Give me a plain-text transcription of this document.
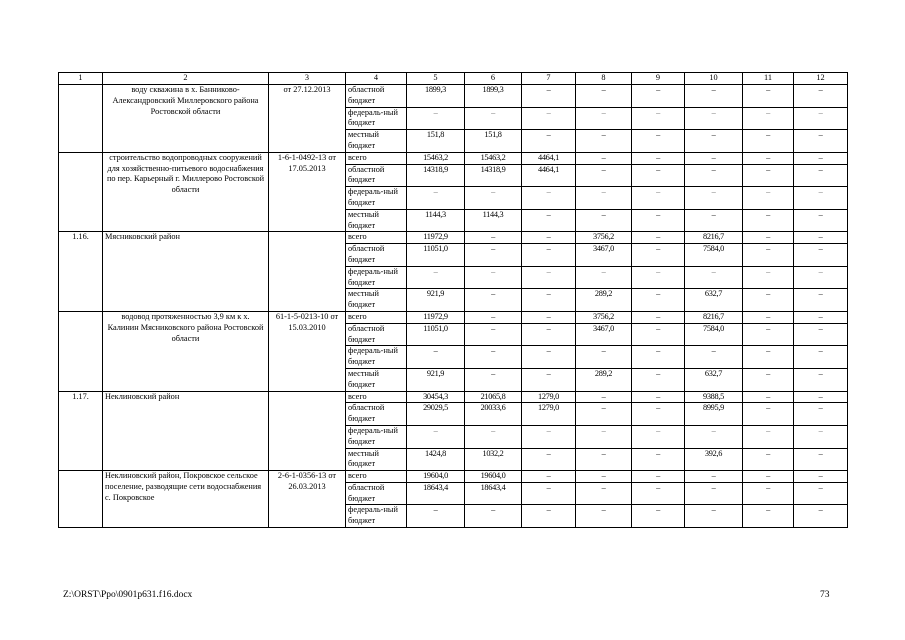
1	2	3	4	5	6	7	8	9	10	11	12
	воду скважина в х. Банниково-Александровский Миллеровского района Ростовской области	от 27.12.2013	областной бюджет	1899,3	1899,3	–	–	–	–	–	–
			федераль-ный бюджет	–	–	–	–	–	–	–	–
			местный бюджет	151,8	151,8	–	–	–	–	–	–
	строительство водопроводных сооружений для хозяйственно-питьевого водоснабжения по пер. Карьерный г. Миллерово Ростовской области	1-6-1-0492-13 от 17.05.2013	всего	15463,2	15463,2	4464,1	–	–	–	–	–
			областной бюджет	14318,9	14318,9	4464,1	–	–	–	–	–
			федераль-ный бюджет	–	–	–	–	–	–	–	–
			местный бюджет	1144,3	1144,3	–	–	–	–	–	–
1.16.	Мясниковский район		всего	11972,9	–	–	3756,2	–	8216,7	–	–
			областной бюджет	11051,0	–	–	3467,0	–	7584,0	–	–
			федераль-ный бюджет	–	–	–	–	–	–	–	–
			местный бюджет	921,9	–	–	289,2	–	632,7	–	–
	водовод протяженностью 3,9 км к х. Калинин Мясниковского района Ростовской области	61-1-5-0213-10 от 15.03.2010	всего	11972,9	–	–	3756,2	–	8216,7	–	–
			областной бюджет	11051,0	–	–	3467,0	–	7584,0	–	–
			федераль-ный бюджет	–	–	–	–	–	–	–	–
			местный бюджет	921,9	–	–	289,2	–	632,7	–	–
1.17.	Неклиновский район		всего	30454,3	21065,8	1279,0	–	–	9388,5	–	–
			областной бюджет	29029,5	20033,6	1279,0	–	–	8995,9	–	–
			федераль-ный бюджет	–	–	–	–	–	–	–	–
			местный бюджет	1424,8	1032,2	–	–	–	392,6	–	–
	Неклиновский район, Покровское сельское поселение, разводящие сети водоснабжения с. Покровское	2-6-1-0356-13 от 26.03.2013	всего	19604,0	19604,0	–	–	–	–	–	–
			областной бюджет	18643,4	18643,4	–	–	–	–	–	–
			федераль-ный бюджет	–	–	–	–	–	–	–	–
Z:\ORST\Ppo\0901p631.f16.docx	73
